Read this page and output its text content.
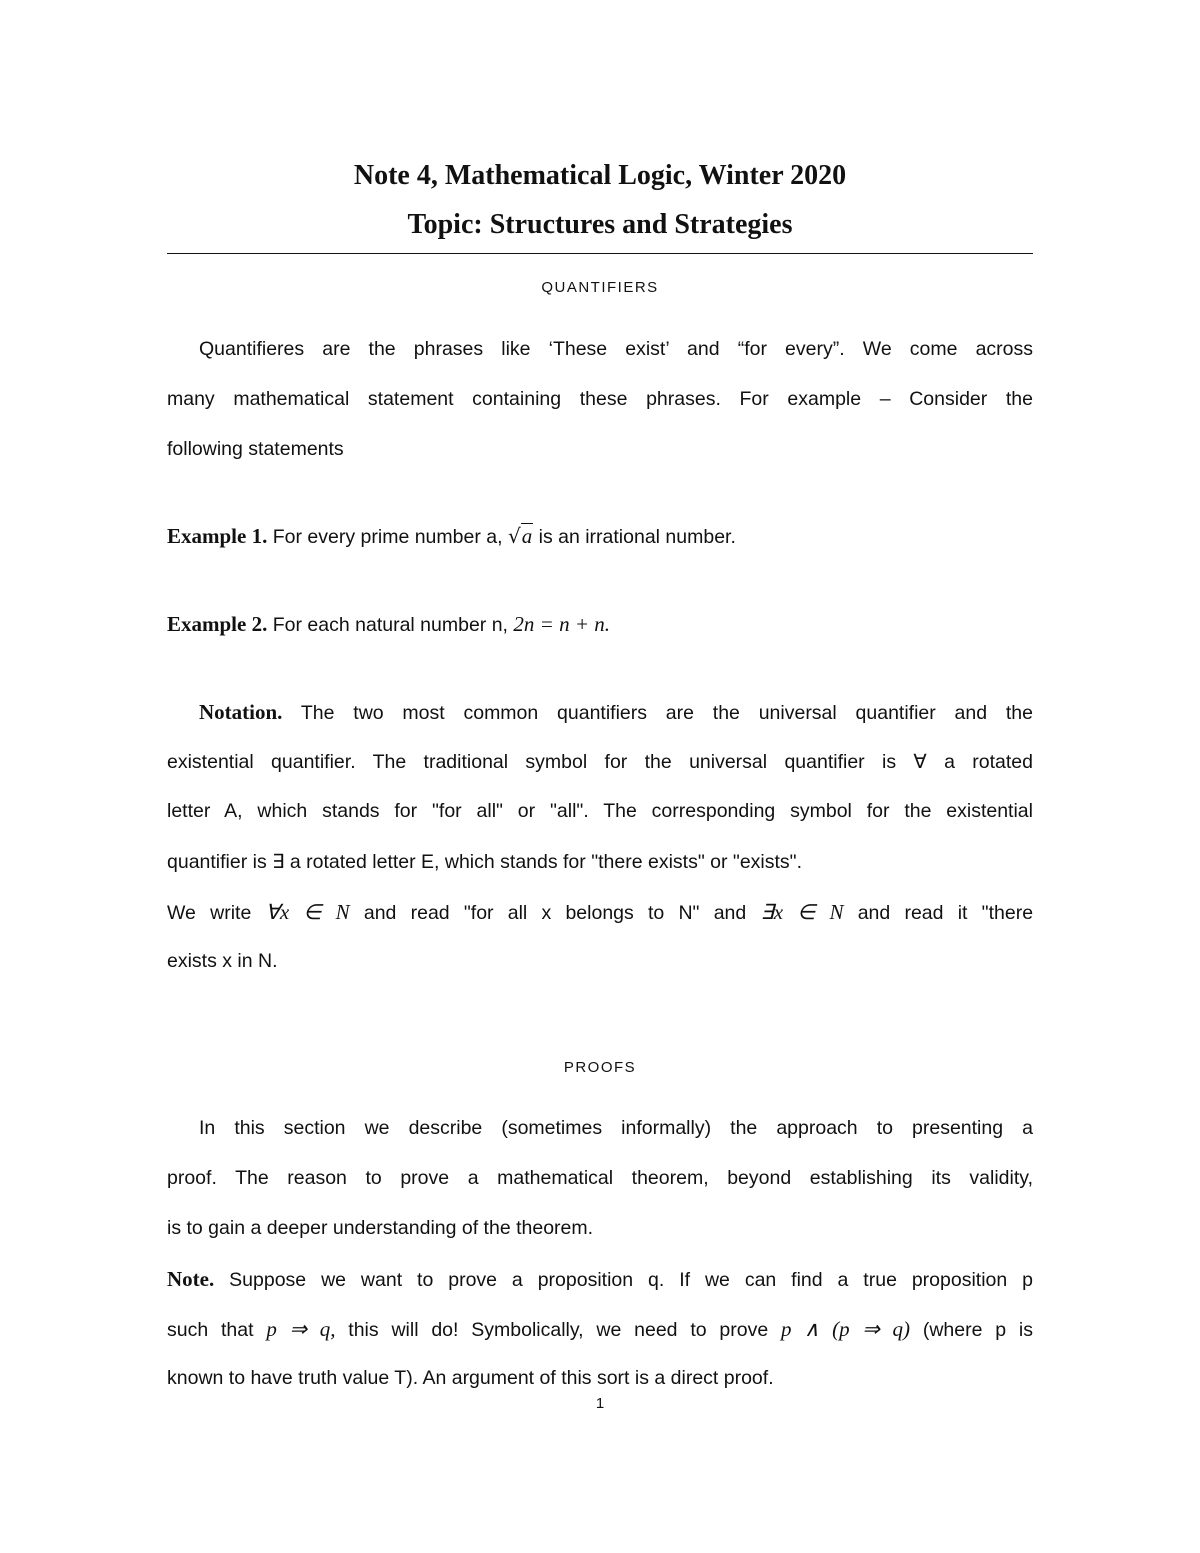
Note 4, Mathematical Logic, Winter 2020
Topic: Structures and Strategies
QUANTIFIERS
Quantifieres are the phrases like ‘These exist’ and “for every”. We come across
many mathematical statement containing these phrases. For example – Consider the
following statements
Example 1. For every prime number a, √a is an irrational number.
Example 2. For each natural number n, 2n = n + n.
Notation. The two most common quantifiers are the universal quantifier and the
existential quantifier. The traditional symbol for the universal quantifier is ∀ a rotated
letter A, which stands for "for all" or "all". The corresponding symbol for the existential
quantifier is ∃ a rotated letter E, which stands for "there exists" or "exists".
We write ∀x ∈ N and read "for all x belongs to N" and ∃x ∈ N and read it "there
exists x in N.
PROOFS
In this section we describe (sometimes informally) the approach to presenting a
proof. The reason to prove a mathematical theorem, beyond establishing its validity,
is to gain a deeper understanding of the theorem.
Note. Suppose we want to prove a proposition q. If we can find a true proposition p
such that p ⇒ q, this will do! Symbolically, we need to prove p ∧ (p ⇒ q) (where p is
known to have truth value T). An argument of this sort is a direct proof.
1
